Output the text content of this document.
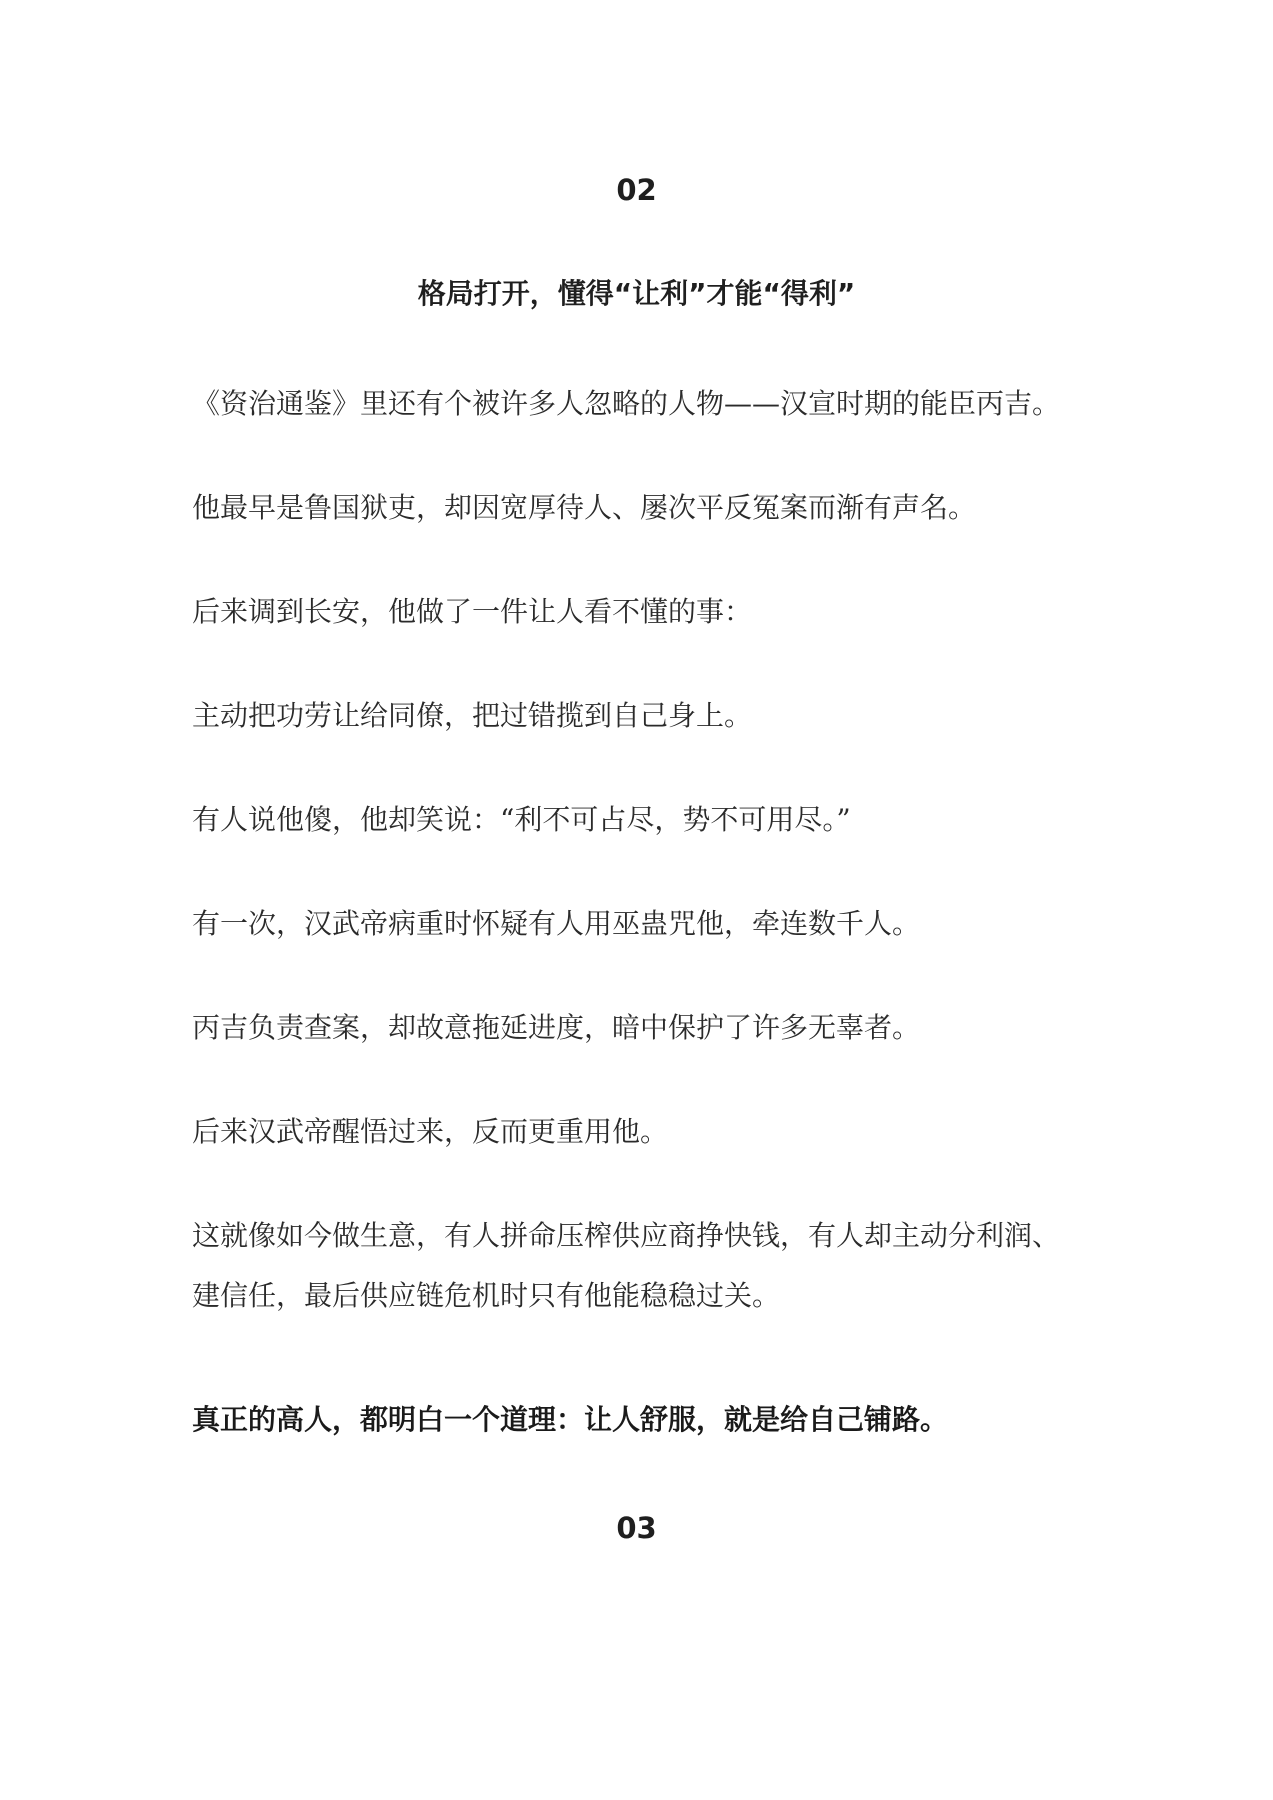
02
格局打开，懂得“让利”才能“得利”
《资治通鉴》里还有个被许多人忽略的人物——汉宣时期的能臣丙吉。
他最早是鲁国狱吏，却因宽厚待人、屡次平反冤案而渐有声名。
后来调到长安，他做了一件让人看不懂的事：
主动把功劳让给同僚，把过错揽到自己身上。
有人说他傻，他却笑说：“利不可占尽，势不可用尽。”
有一次，汉武帝病重时怀疑有人用巫蛊咒他，牵连数千人。
丙吉负责查案，却故意拖延进度，暗中保护了许多无辜者。
后来汉武帝醒悟过来，反而更重用他。
这就像如今做生意，有人拼命压榨供应商挣快钱，有人却主动分利润、建信任，最后供应链危机时只有他能稳稳过关。
真正的高人，都明白一个道理：让人舒服，就是给自己铺路。
03
